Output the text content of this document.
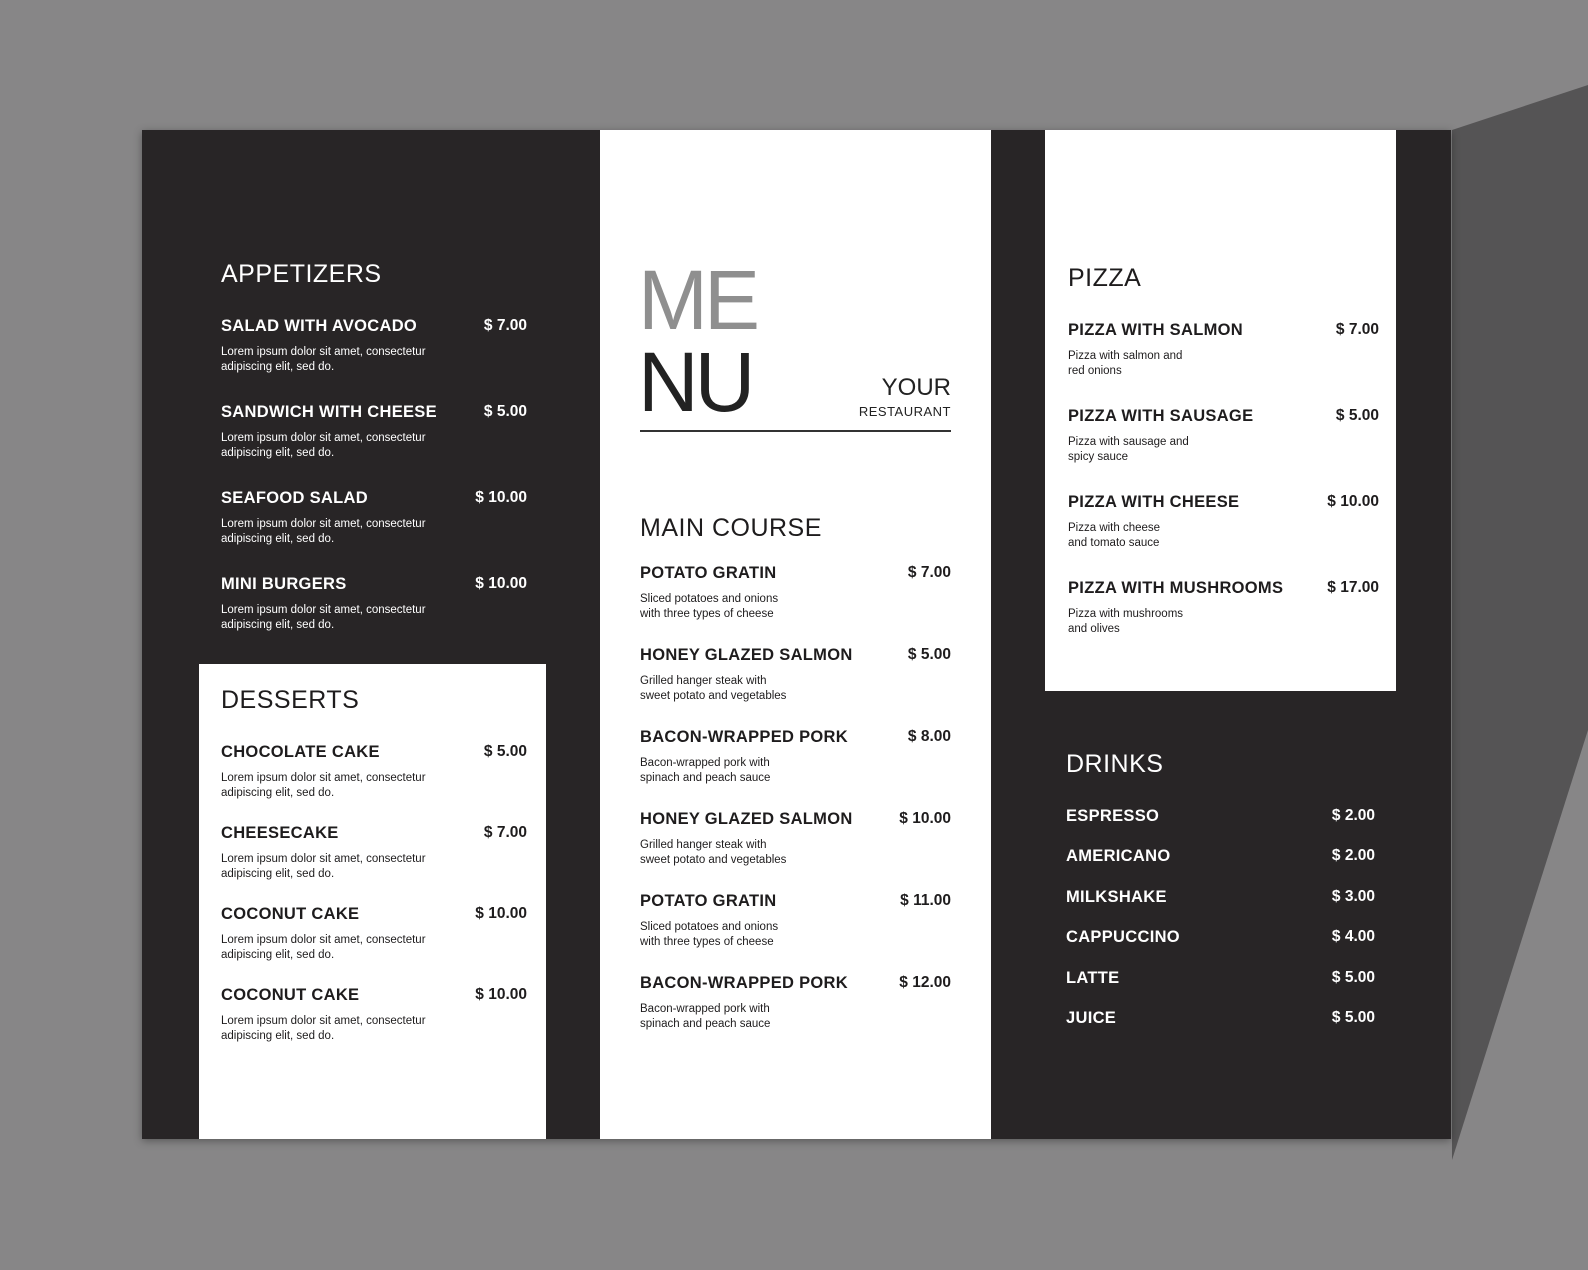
APPETIZERS
SALAD WITH AVOCADO	$ 7.00
Lorem ipsum dolor sit amet, consectetur adipiscing elit, sed do.
SANDWICH WITH CHEESE	$ 5.00
Lorem ipsum dolor sit amet, consectetur adipiscing elit, sed do.
SEAFOOD SALAD	$ 10.00
Lorem ipsum dolor sit amet, consectetur adipiscing elit, sed do.
MINI BURGERS	$ 10.00
Lorem ipsum dolor sit amet, consectetur adipiscing elit, sed do.
DESSERTS
CHOCOLATE CAKE	$ 5.00
Lorem ipsum dolor sit amet, consectetur adipiscing elit, sed do.
CHEESECAKE	$ 7.00
Lorem ipsum dolor sit amet, consectetur adipiscing elit, sed do.
COCONUT CAKE	$ 10.00
Lorem ipsum dolor sit amet, consectetur adipiscing elit, sed do.
COCONUT CAKE	$ 10.00
Lorem ipsum dolor sit amet, consectetur adipiscing elit, sed do.
ME
NU	YOUR
RESTAURANT
MAIN COURSE
POTATO GRATIN	$ 7.00
Sliced potatoes and onions
with three types of cheese
HONEY GLAZED SALMON	$ 5.00
Grilled hanger steak with
sweet potato and vegetables
BACON-WRAPPED PORK	$ 8.00
Bacon-wrapped pork with
spinach and peach sauce
HONEY GLAZED SALMON	$ 10.00
Grilled hanger steak with
sweet potato and vegetables
POTATO GRATIN	$ 11.00
Sliced potatoes and onions
with three types of cheese
BACON-WRAPPED PORK	$ 12.00
Bacon-wrapped pork with
spinach and peach sauce
PIZZA
PIZZA WITH SALMON	$ 7.00
Pizza with salmon and
red onions
PIZZA WITH SAUSAGE	$ 5.00
Pizza with sausage and
spicy sauce
PIZZA WITH CHEESE	$ 10.00
Pizza with cheese
and tomato sauce
PIZZA WITH MUSHROOMS	$ 17.00
Pizza with mushrooms
and olives
DRINKS
ESPRESSO	$ 2.00
AMERICANO	$ 2.00
MILKSHAKE	$ 3.00
CAPPUCCINO	$ 4.00
LATTE	$ 5.00
JUICE	$ 5.00
